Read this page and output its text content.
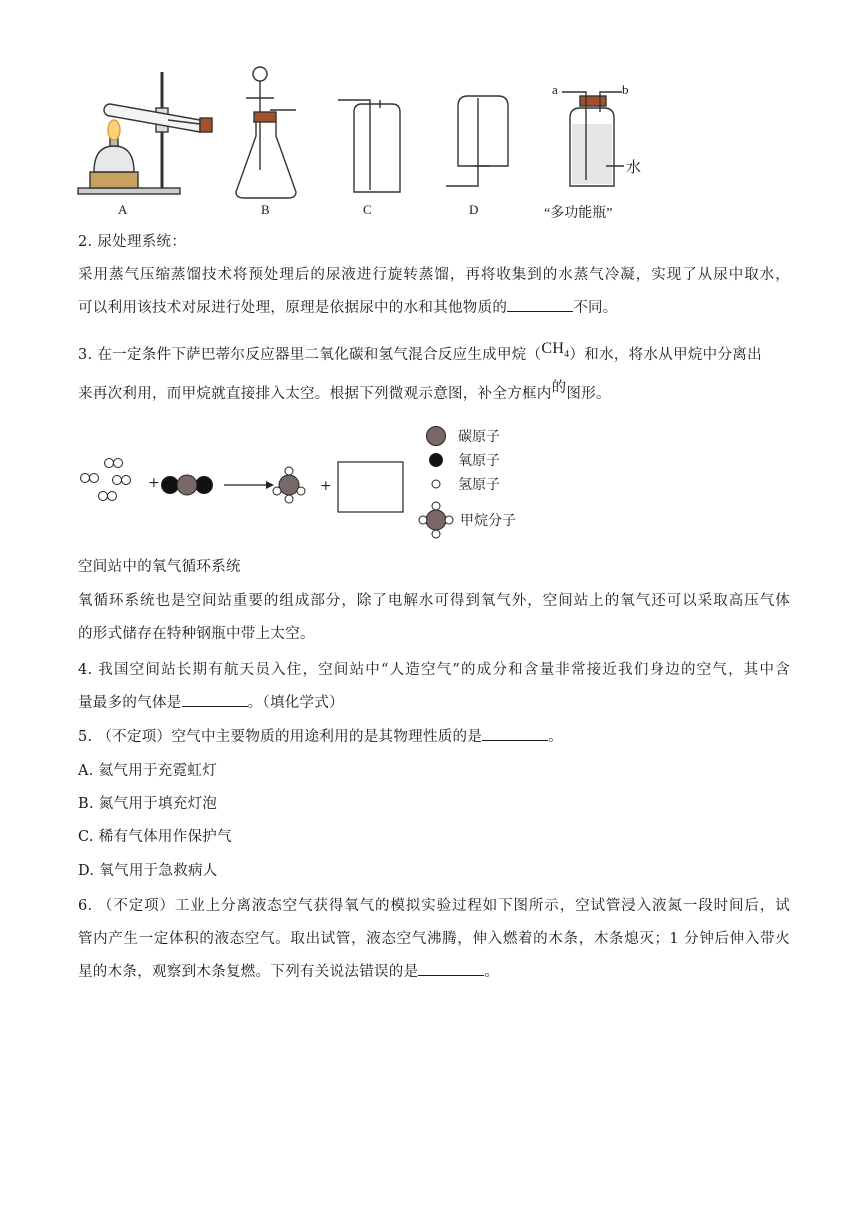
A	B	C	D
a	b
水
“多功能瓶”
2. 尿处理系统：
采用蒸气压缩蒸馏技术将预处理后的尿液进行旋转蒸馏，再将收集到的水蒸气冷凝，实现了从尿中取水，
可以利用该技术对尿进行处理，原理是依据尿中的水和其他物质的	不同。
3. 在一定条件下萨巴蒂尔反应器里二氧化碳和氢气混合反应生成甲烷$(CH_4)$和水，将水从甲烷中分离出
来再次利用，而甲烷就直接排入太空。根据下列微观示意图，补全方框内的图形。
+	+
碳原子
氧原子
氢原子
甲烷分子
空间站中的氧气循环系统
氧循环系统也是空间站重要的组成部分，除了电解水可得到氧气外，空间站上的氧气还可以采取高压气体
的形式储存在特种钢瓶中带上太空。
4. 我国空间站长期有航天员入住，空间站中“人造空气”的成分和含量非常接近我们身边的空气，其中含
量最多的气体是	。（填化学式）
5. （不定项）空气中主要物质的用途利用的是其物理性质的是	。
A. 氦气用于充霓虹灯
B. 氮气用于填充灯泡
C. 稀有气体用作保护气
D. 氧气用于急救病人
6. （不定项）工业上分离液态空气获得氧气的模拟实验过程如下图所示，空试管浸入液氮一段时间后，试
管内产生一定体积的液态空气。取出试管，液态空气沸腾，伸入燃着的木条，木条熄灭；1 分钟后伸入带火
星的木条，观察到木条复燃。下列有关说法错误的是	。
